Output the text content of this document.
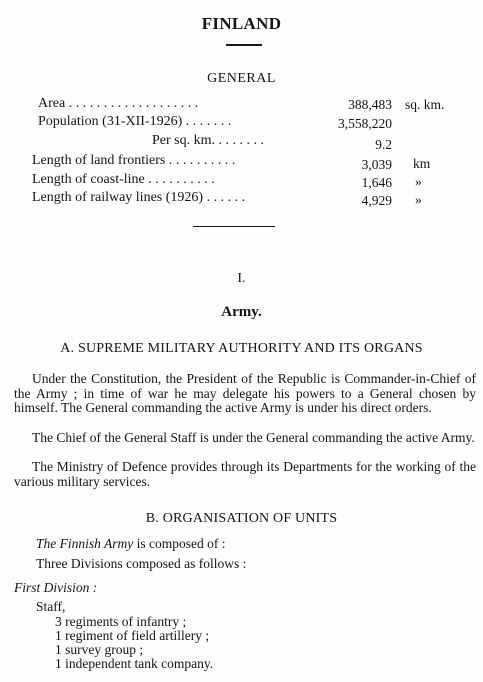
FINLAND
GENERAL
Area . . . . . . . . . . . . . . . . . . .	388,483 sq. km.
Population (31-XII-1926) . . . . . . .	3,558,220
Per sq. km. . . . . . . .	9.2
Length of land frontiers . . . . . . . . . .	3,039 km
Length of coast-line . . . . . . . . . .	1,646 »
Length of railway lines (1926) . . . . . .	4,929 »
I.
Army.
A. SUPREME MILITARY AUTHORITY AND ITS ORGANS
Under the Constitution, the President of the Republic is Commander-in-Chief of the Army ; in time of war he may delegate his powers to a General chosen by himself. The General commanding the active Army is under his direct orders.
The Chief of the General Staff is under the General commanding the active Army.
The Ministry of Defence provides through its Departments for the working of the various military services.
B. ORGANISATION OF UNITS
The Finnish Army is composed of :
Three Divisions composed as follows :
First Division :
Staff,
3 regiments of infantry ;
1 regiment of field artillery ;
1 survey group ;
1 independent tank company.
